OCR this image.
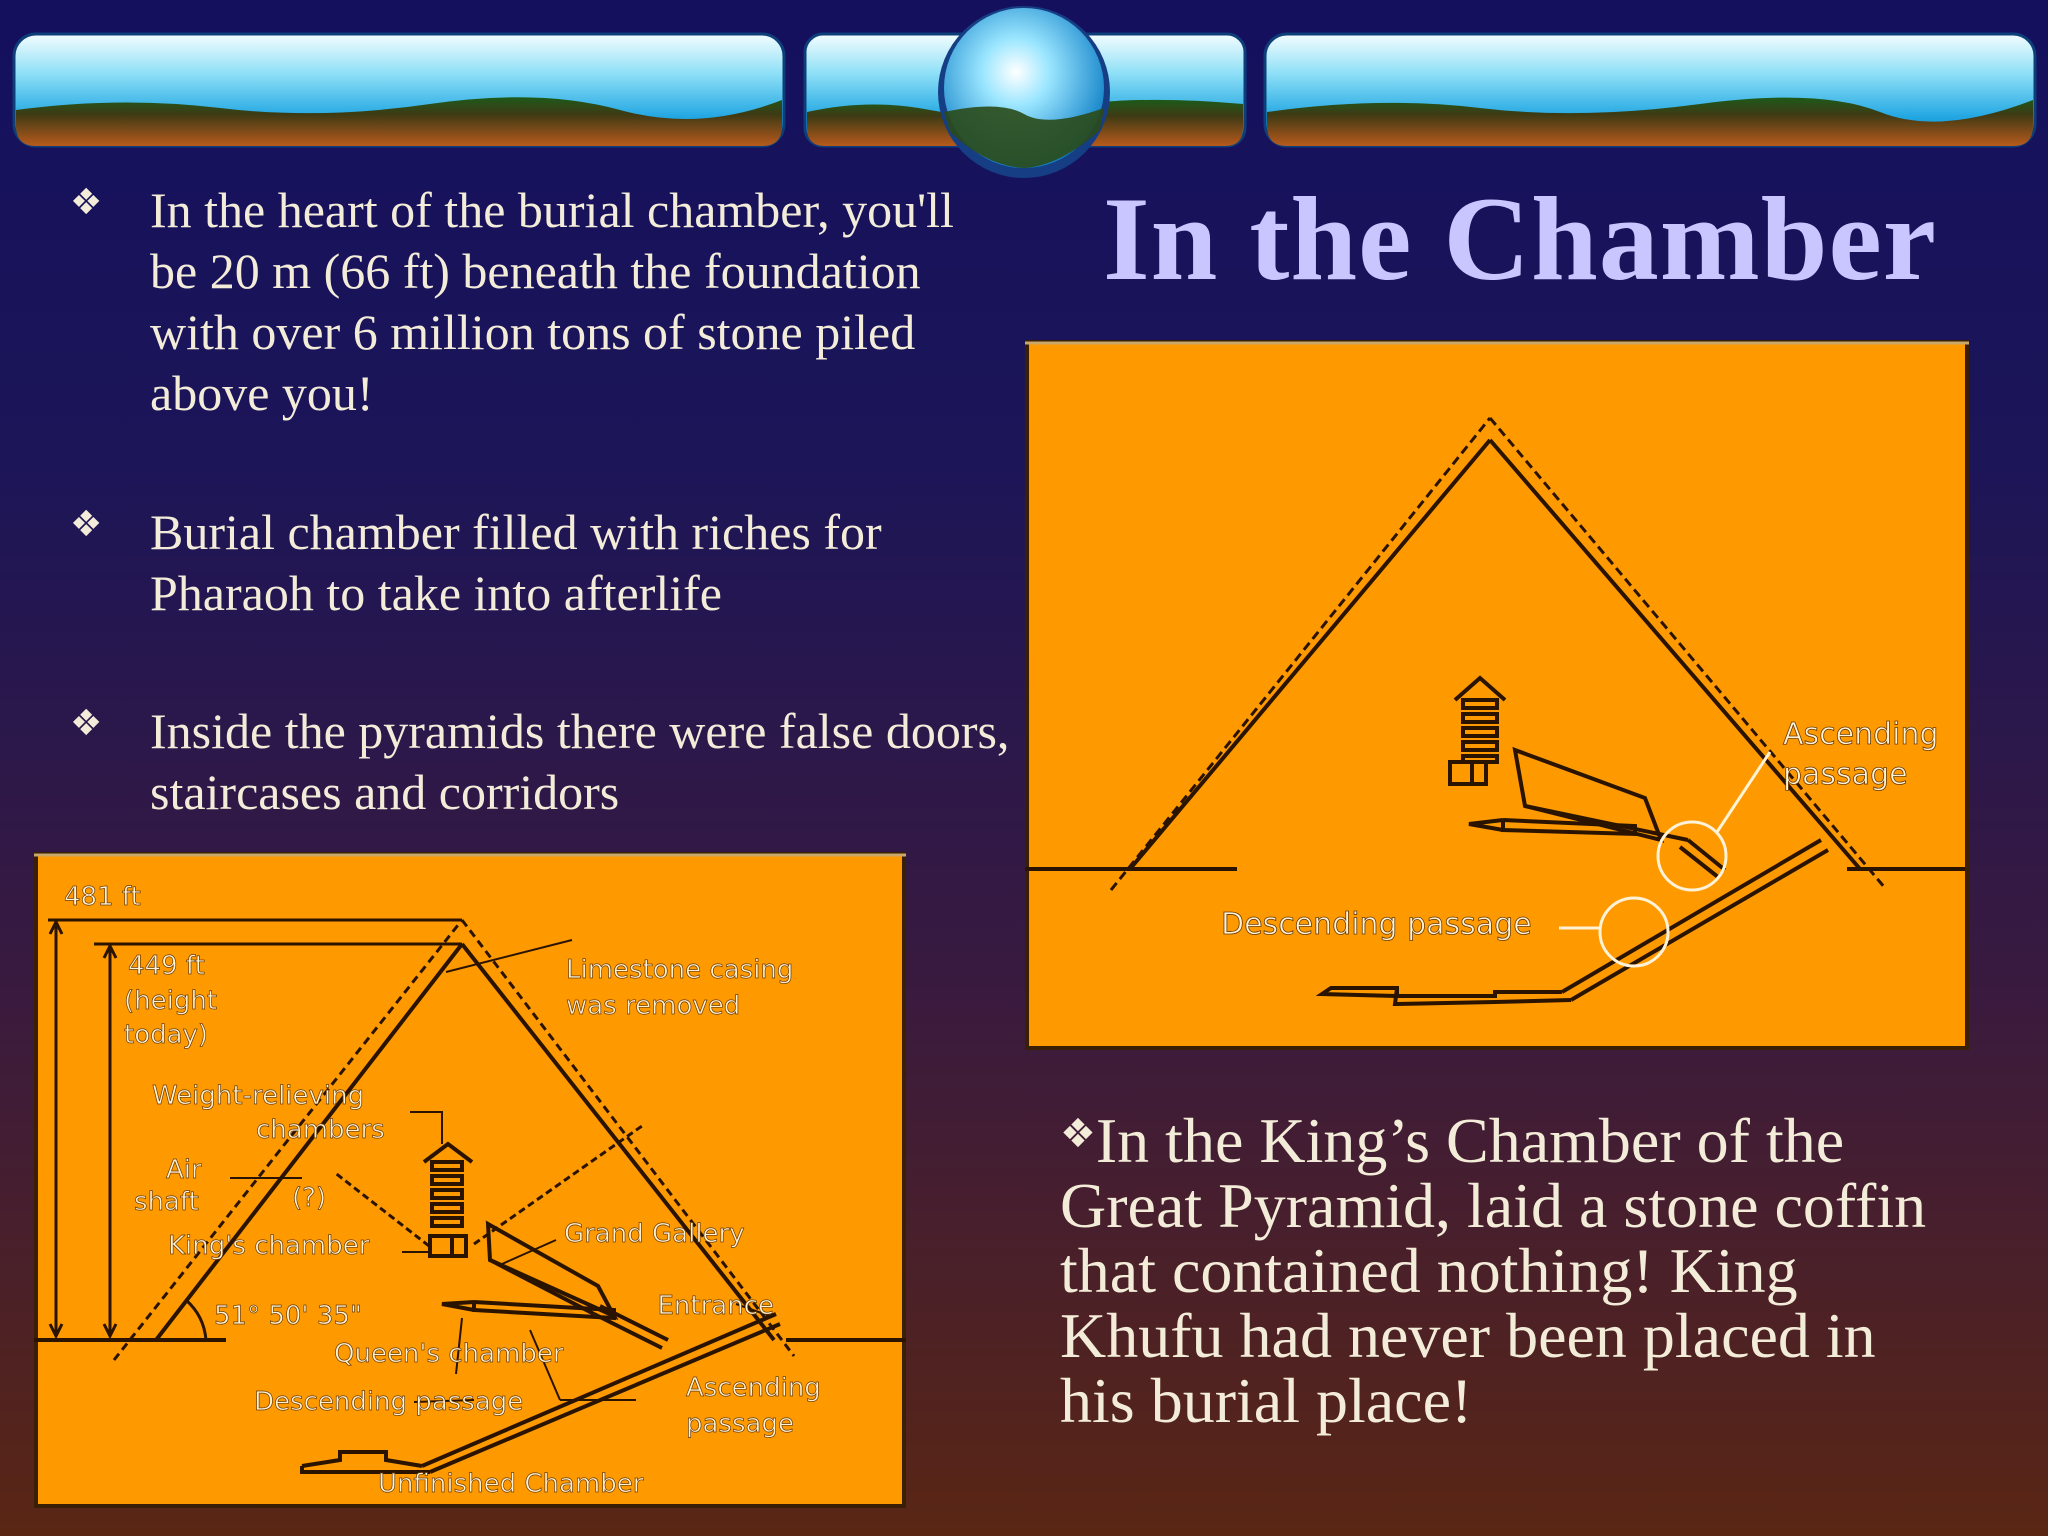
In the Chamber

❖ In the heart of the burial chamber, you'll be 20 m (66 ft) beneath the foundation with over 6 million tons of stone piled above you!

❖ Burial chamber filled with riches for Pharaoh to take into afterlife

❖ Inside the pyramids there were false doors, staircases and corridors

Ascending
passage
Descending passage
481 ft
449 ft
(height
today)
Limestone casing
was removed
Weight-relieving
chambers
Air
shaft	(?)
King's chamber	Grand Gallery
51° 50' 35"	Entrance
Queen's chamber
Descending passage	Ascending
passage
Unfinished Chamber
❖In the King’s Chamber of the Great Pyramid, laid a stone coffin that contained nothing! King Khufu had never been placed in his burial place!
